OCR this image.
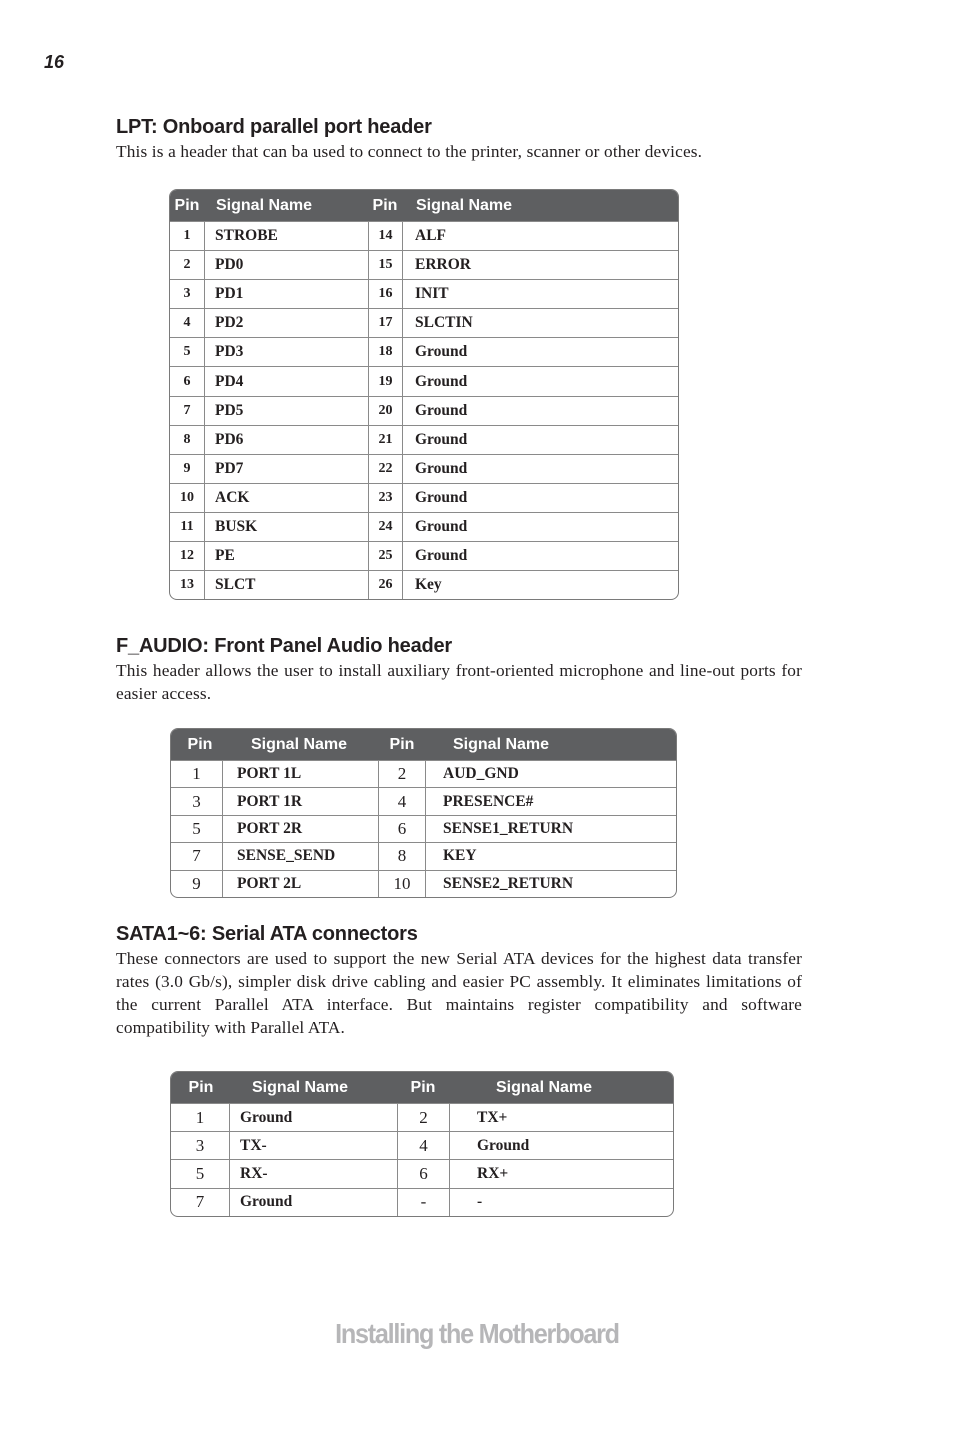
16
LPT: Onboard parallel port header

This is a header that can ba used to connect to the printer, scanner or other devices.

Pin	Signal Name	Pin	Signal Name
1	STROBE	14	ALF
2	PD0	15	ERROR
3	PD1	16	INIT
4	PD2	17	SLCTIN
5	PD3	18	Ground
6	PD4	19	Ground
7	PD5	20	Ground
8	PD6	21	Ground
9	PD7	22	Ground
10	ACK	23	Ground
11	BUSK	24	Ground
12	PE	25	Ground
13	SLCT	26	Key
F_AUDIO: Front Panel Audio header

This header allows the user to install auxiliary front-oriented microphone and line-out ports for easier access.

Pin	Signal Name	Pin	Signal Name
1	PORT 1L	2	AUD_GND
3	PORT 1R	4	PRESENCE#
5	PORT 2R	6	SENSE1_RETURN
7	SENSE_SEND	8	KEY
9	PORT 2L	10	SENSE2_RETURN
SATA1~6: Serial ATA connectors

These connectors are used to support the new Serial ATA devices for the highest data transfer rates (3.0 Gb/s), simpler disk drive cabling and easier PC assembly. It eliminates limitations of the current Parallel ATA interface. But maintains register compatibility and software compatibility with Parallel ATA.

Pin	Signal Name	Pin	Signal Name
1	Ground	2	TX+
3	TX-	4	Ground
5	RX-	6	RX+
7	Ground	-	-
Installing the Motherboard
